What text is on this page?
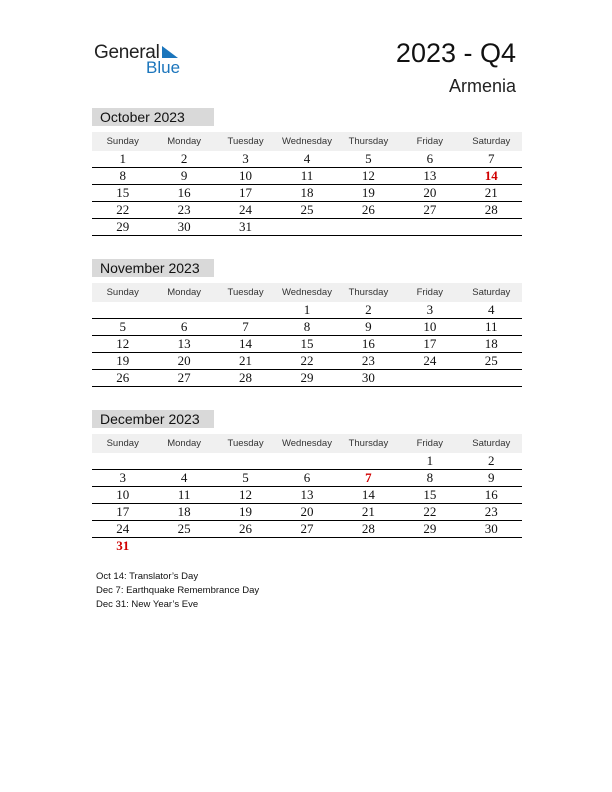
General
Blue	2023 - Q4
Armenia
October 2023
Sunday	Monday	Tuesday	Wednesday	Thursday	Friday	Saturday
1	2	3	4	5	6	7
8	9	10	11	12	13	14
15	16	17	18	19	20	21
22	23	24	25	26	27	28
29	30	31				
November 2023
Sunday	Monday	Tuesday	Wednesday	Thursday	Friday	Saturday
			1	2	3	4
5	6	7	8	9	10	11
12	13	14	15	16	17	18
19	20	21	22	23	24	25
26	27	28	29	30		
December 2023
Sunday	Monday	Tuesday	Wednesday	Thursday	Friday	Saturday
					1	2
3	4	5	6	7	8	9
10	11	12	13	14	15	16
17	18	19	20	21	22	23
24	25	26	27	28	29	30
31						
Oct 14: Translator’s Day
Dec 7: Earthquake Remembrance Day
Dec 31: New Year’s Eve
